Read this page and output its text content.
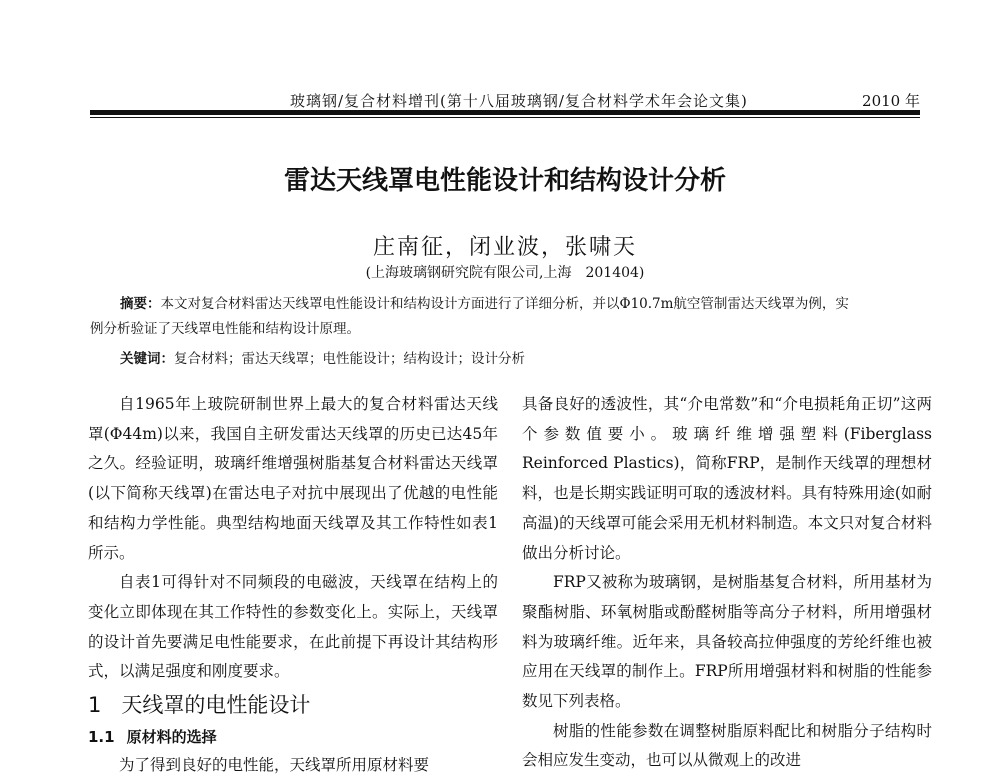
玻璃钢/复合材料增刊(第十八届玻璃钢/复合材料学术年会论文集)	2010 年
雷达天线罩电性能设计和结构设计分析
庄南征，闭业波，张啸天
(上海玻璃钢研究院有限公司,上海　201404)
摘要：本文对复合材料雷达天线罩电性能设计和结构设计方面进行了详细分析，并以Φ10.7m航空管制雷达天线罩为例，实
例分析验证了天线罩电性能和结构设计原理。
关键词：复合材料；雷达天线罩；电性能设计；结构设计；设计分析

自1965年上玻院研制世界上最大的复合材料雷达天线罩(Φ44m)以来，我国自主研发雷达天线罩的历史已达45年之久。经验证明，玻璃纤维增强树脂基复合材料雷达天线罩(以下简称天线罩)在雷达电子对抗中展现出了优越的电性能和结构力学性能。典型结构地面天线罩及其工作特性如表1所示。

自表1可得针对不同频段的电磁波，天线罩在结构上的变化立即体现在其工作特性的参数变化上。实际上，天线罩的设计首先要满足电性能要求，在此前提下再设计其结构形式，以满足强度和刚度要求。

1 天线罩的电性能设计
1.1 原材料的选择

为了得到良好的电性能，天线罩所用原材料要

具备良好的透波性，其“介电常数”和“介电损耗角正切”这两个参数值要小。玻璃纤维增强塑料(Fiberglass Reinforced Plastics)，简称FRP，是制作天线罩的理想材料，也是长期实践证明可取的透波材料。具有特殊用途(如耐高温)的天线罩可能会采用无机材料制造。本文只对复合材料做出分析讨论。

FRP又被称为玻璃钢，是树脂基复合材料，所用基材为聚酯树脂、环氧树脂或酚醛树脂等高分子材料，所用增强材料为玻璃纤维。近年来，具备较高拉伸强度的芳纶纤维也被应用在天线罩的制作上。FRP所用增强材料和树脂的性能参数见下列表格。

树脂的性能参数在调整树脂原料配比和树脂分子结构时会相应发生变动，也可以从微观上的改进
